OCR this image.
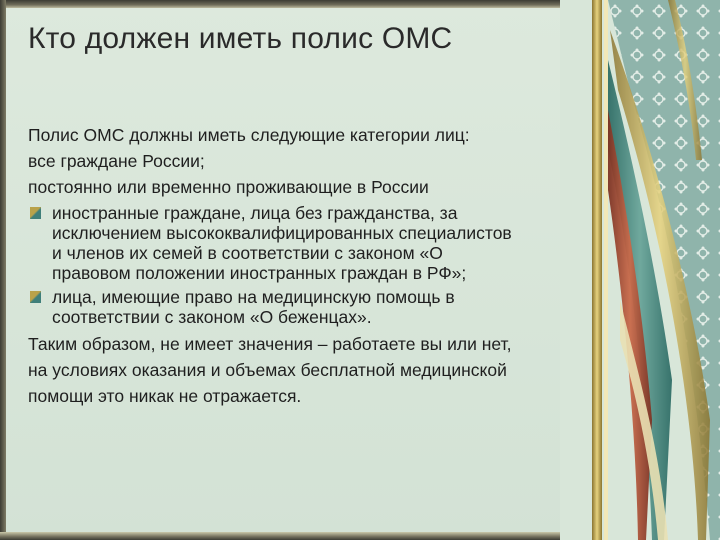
Кто должен иметь полис ОМС
Полис ОМС должны иметь следующие категории лиц:
все граждане России;
постоянно или временно проживающие в России
иностранные граждане, лица без гражданства, за
исключением высококвалифицированных специалистов
и членов их семей в соответствии с законом «О
правовом положении иностранных граждан в РФ»;
лица, имеющие право на медицинскую помощь в
соответствии с законом «О беженцах».
Таким образом, не имеет значения – работаете вы или нет,
на условиях оказания и объемах бесплатной медицинской
помощи это никак не отражается.
